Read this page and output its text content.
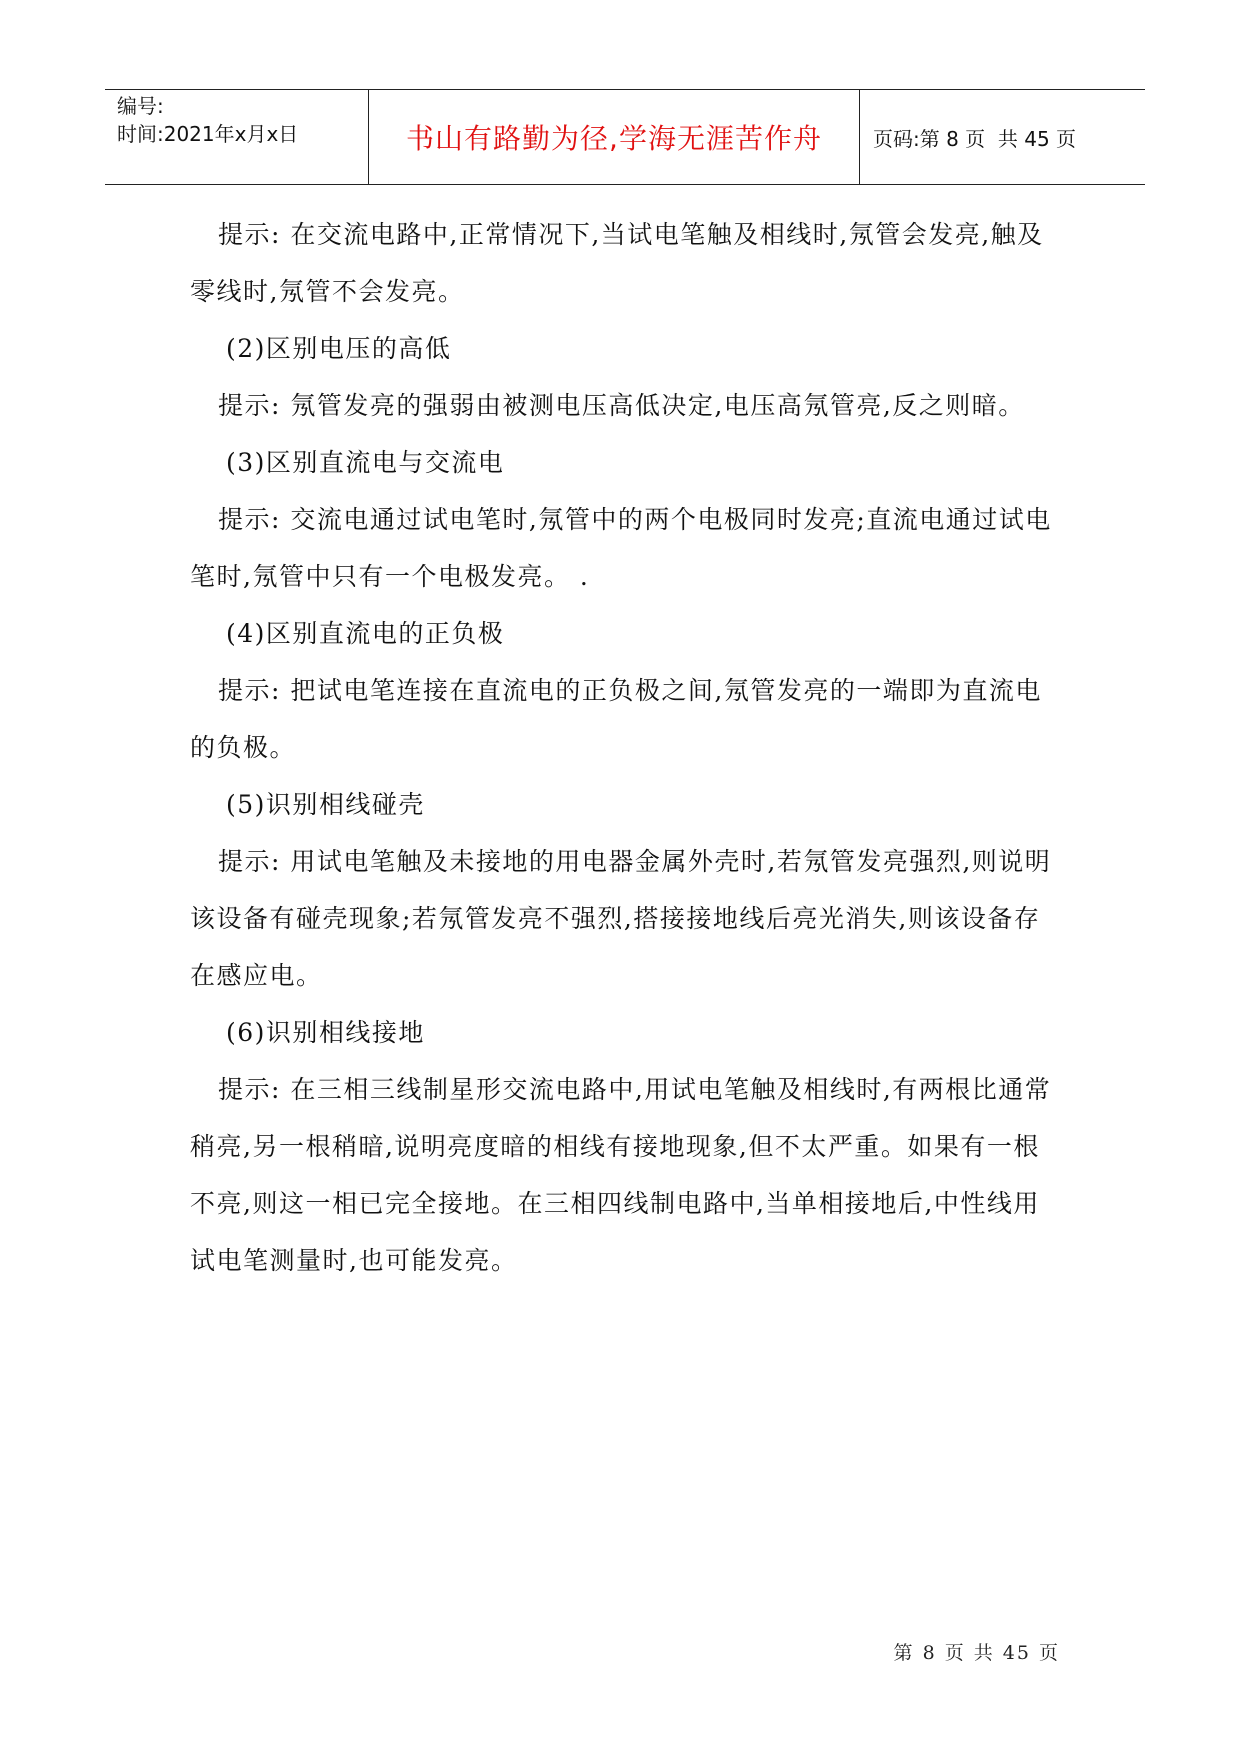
编号:
时间:2021年x月x日	书山有路勤为径,学海无涯苦作舟	页码:第 8 页  共 45 页

提示: 在交流电路中,正常情况下,当试电笔触及相线时,氖管会发亮,触及零线时,氖管不会发亮。

(2)区别电压的高低

提示: 氖管发亮的强弱由被测电压高低决定,电压高氖管亮,反之则暗。

(3)区别直流电与交流电

提示: 交流电通过试电笔时,氖管中的两个电极同时发亮;直流电通过试电笔时,氖管中只有一个电极发亮。 .

(4)区别直流电的正负极

提示: 把试电笔连接在直流电的正负极之间,氖管发亮的一端即为直流电的负极。

(5)识别相线碰壳

提示: 用试电笔触及未接地的用电器金属外壳时,若氖管发亮强烈,则说明该设备有碰壳现象;若氖管发亮不强烈,搭接接地线后亮光消失,则该设备存在感应电。

(6)识别相线接地

提示: 在三相三线制星形交流电路中,用试电笔触及相线时,有两根比通常稍亮,另一根稍暗,说明亮度暗的相线有接地现象,但不太严重。如果有一根不亮,则这一相已完全接地。在三相四线制电路中,当单相接地后,中性线用试电笔测量时,也可能发亮。

第 8 页 共 45 页
